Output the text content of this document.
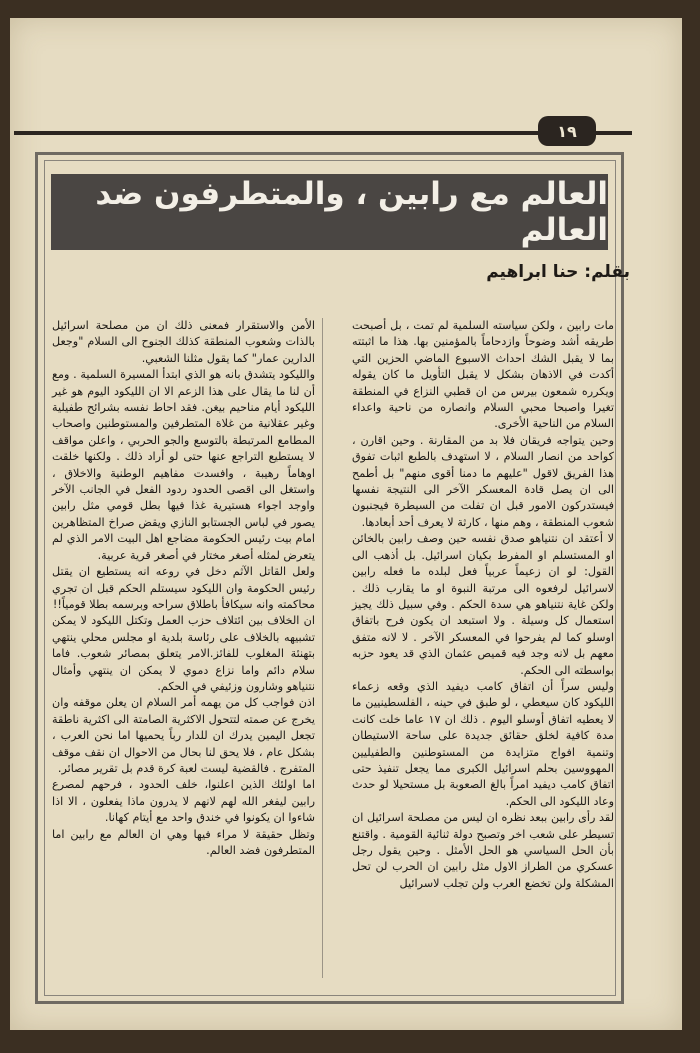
١٩
العالم مع رابين ، والمتطرفون ضد العالم
بقلم: حنا ابراهيم

مات رابين ، ولكن سياسته السلمية لم تمت ، بل أصبحت طريقه أشد وضوحاً وازدحاماً بالمؤمنين بها. هذا ما اثبتته بما لا يقبل الشك احداث الاسبوع الماضي الحزين التي أكدت في الاذهان بشكل لا يقبل التأويل ما كان يقوله ويكرره شمعون بيرس من ان قطبي النزاع في المنطقة تغيرا واصبحا محبي السلام وانصاره من ناحية واعداء السلام من الناحية الأخرى.

وحين يتواجه فريقان فلا بد من المقارنة . وحين اقارن ، كواحد من انصار السلام ، لا استهدف بالطبع اثبات تفوق هذا الفريق لاقول "عليهم ما دمنا أقوى منهم" بل أطمح الى ان يصل قادة المعسكر الآخر الى النتيجة نفسها فيستدركون الامور قبل ان تفلت من السيطرة فيجنبون شعوب المنطقة ، وهم منها ، كارثة لا يعرف أحد أبعادها.

لا أعتقد ان نتنياهو صدق نفسه حين وصف رابين بالخائن او المستسلم او المفرط بكيان اسرائيل. بل أذهب الى القول: لو ان زعيماً عربياً فعل لبلده ما فعله رابين لاسرائيل لرفعوه الى مرتبة النبوة او ما يقارب ذلك . ولكن غاية نتنياهو هي سدة الحكم . وفي سبيل ذلك يجيز استعمال كل وسيلة . ولا استبعد ان يكون فرح باتفاق اوسلو كما لم يفرحوا في المعسكر الآخر . لا لانه متفق معهم بل لانه وجد فيه قميص عثمان الذي قد يعود حزبه بواسطته الى الحكم.

وليس سراً أن اتفاق كامب ديفيد الذي وقعه زعماء الليكود كان سيعطي ، لو طبق في حينه ، الفلسطينيين ما لا يعطيه اتفاق أوسلو اليوم . ذلك ان ١٧ عاما خلت كانت مدة كافية لخلق حقائق جديدة على ساحة الاستيطان وتنمية افواج متزايدة من المستوطنين والطفيليين المهووسين بحلم اسرائيل الكبرى مما يجعل تنفيذ حتى اتفاق كامب ديفيد امراً بالغ الصعوبة بل مستحيلا لو حدث وعاد الليكود الى الحكم.

لقد رأى رابين ببعد نظره ان ليس من مصلحة اسرائيل ان تسيطر على شعب اخر وتصبح دولة ثنائية القومية . واقتنع بأن الحل السياسي هو الحل الأمثل . وحين يقول رجل عسكري من الطراز الاول مثل رابين ان الحرب لن تحل المشكلة ولن تخضع العرب ولن تجلب لاسرائيل

الأمن والاستقرار فمعنى ذلك ان من مصلحة اسرائيل بالذات وشعوب المنطقة كذلك الجنوح الى السلام "وجعل الدارين عمار" كما يقول مثلنا الشعبي.

والليكود يتشدق بانه هو الذي ابتدأ المسيرة السلمية . ومع أن لنا ما يقال على هذا الزعم الا ان الليكود اليوم هو غير الليكود أيام مناحيم بيغن. فقد احاط نفسه بشرائح طفيلية وغير عقلانية من غلاة المتطرفين والمستوطنين واصحاب المطامع المرتبطة بالتوسع والجو الحربي ، واعلن مواقف لا يستطيع التراجع عنها حتى لو أراد ذلك . ولكنها خلقت اوهاماً رهيبة ، وافسدت مفاهيم الوطنية والاخلاق ، واستغل الى اقصى الحدود ردود الفعل في الجانب الآخر واوجد اجواء هستيرية غذا فيها بطل قومي مثل رابين يصور في لباس الجستابو النازي ويقض صراخ المتظاهرين امام بيت رئيس الحكومة مضاجع اهل البيت الامر الذي لم يتعرض لمثله أصغر مختار في أصغر قرية عربية.

ولعل القاتل الآثم دخل في روعه انه يستطيع ان يقتل رئيس الحكومة وان الليكود سيستلم الحكم قبل ان تجري محاكمته وانه سيكافأ باطلاق سراحه وبرسمه بطلا قومياً!!

ان الخلاف بين ائتلاف حزب العمل وتكتل الليكود لا يمكن تشبيهه بالخلاف على رئاسة بلدية او مجلس محلي ينتهي بتهنئة المغلوب للفائز.الامر يتعلق بمصائر شعوب. فاما سلام دائم واما نزاع دموي لا يمكن ان ينتهي وأمثال نتنياهو وشارون وزئيفي في الحكم.

اذن فواجب كل من يهمه أمر السلام ان يعلن موقفه وان يخرج عن صمته لتتحول الاكثرية الصامتة الى اكثرية ناطقة تجعل اليمين يدرك ان للدار رباً يحميها اما نحن العرب ، بشكل عام ، فلا يحق لنا بحال من الاحوال ان نقف موقف المتفرج . فالقضية ليست لعبة كرة قدم بل تقرير مصائر.

اما اولئك الذين اعلنوا، خلف الحدود ، فرحهم لمصرع رابين ليفغر الله لهم لانهم لا يدرون ماذا يفعلون ، الا اذا شاءوا ان يكونوا في خندق واحد مع أيتام كهانا.

وتظل حقيقة لا مراء فيها وهي ان العالم مع رابين اما المتطرفون فضد العالم.
